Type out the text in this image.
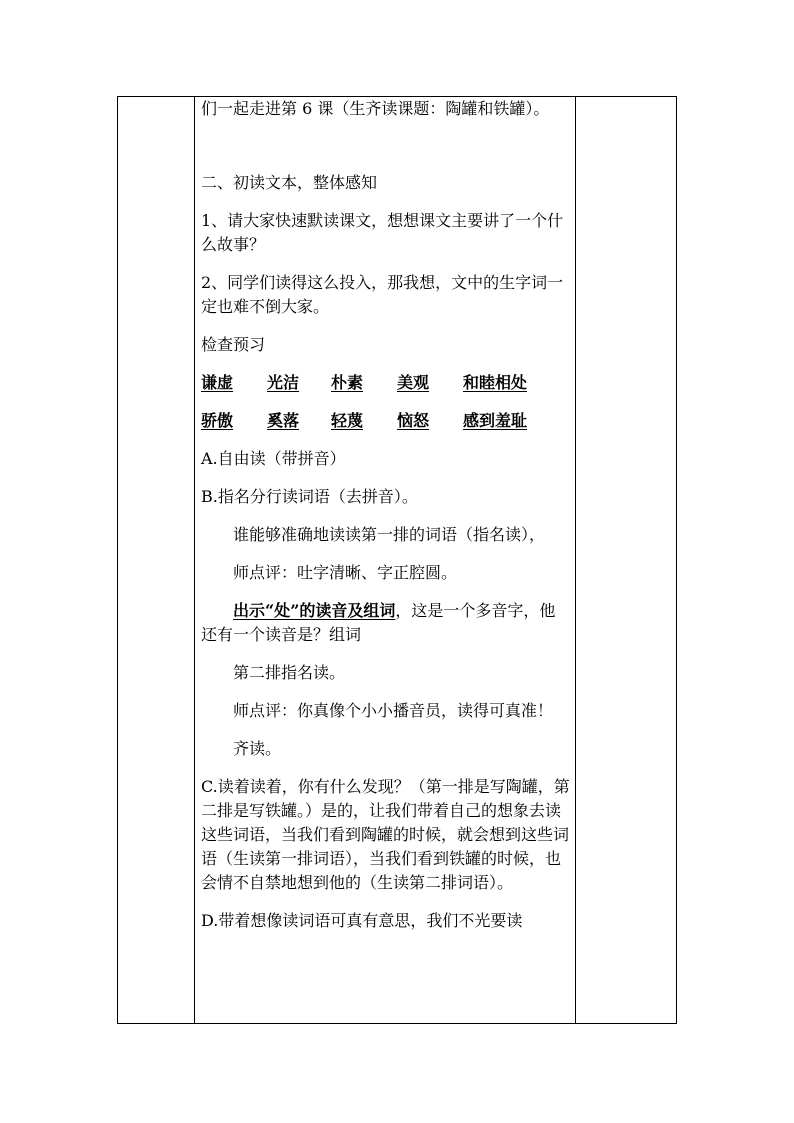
们一起走进第 6 课（生齐读课题：陶罐和铁罐）。

二、初读文本，整体感知

1、请大家快速默读课文，想想课文主要讲了一个什么故事？

2、同学们读得这么投入，那我想，文中的生字词一定也难不倒大家。

检查预习

谦虚	光洁	朴素	美观	和睦相处
骄傲	奚落	轻蔑	恼怒	感到羞耻

A.自由读（带拼音）

B.指名分行读词语（去拼音）。

谁能够准确地读读第一排的词语（指名读），

师点评：吐字清晰、字正腔圆。

出示“处”的读音及组词，这是一个多音字，他还有一个读音是？组词

第二排指名读。

师点评：你真像个小小播音员，读得可真准！

齐读。

C.读着读着，你有什么发现？（第一排是写陶罐，第二排是写铁罐。）是的，让我们带着自己的想象去读这些词语，当我们看到陶罐的时候，就会想到这些词语（生读第一排词语），当我们看到铁罐的时候，也会情不自禁地想到他的（生读第二排词语）。

D.带着想像读词语可真有意思，我们不光要读
